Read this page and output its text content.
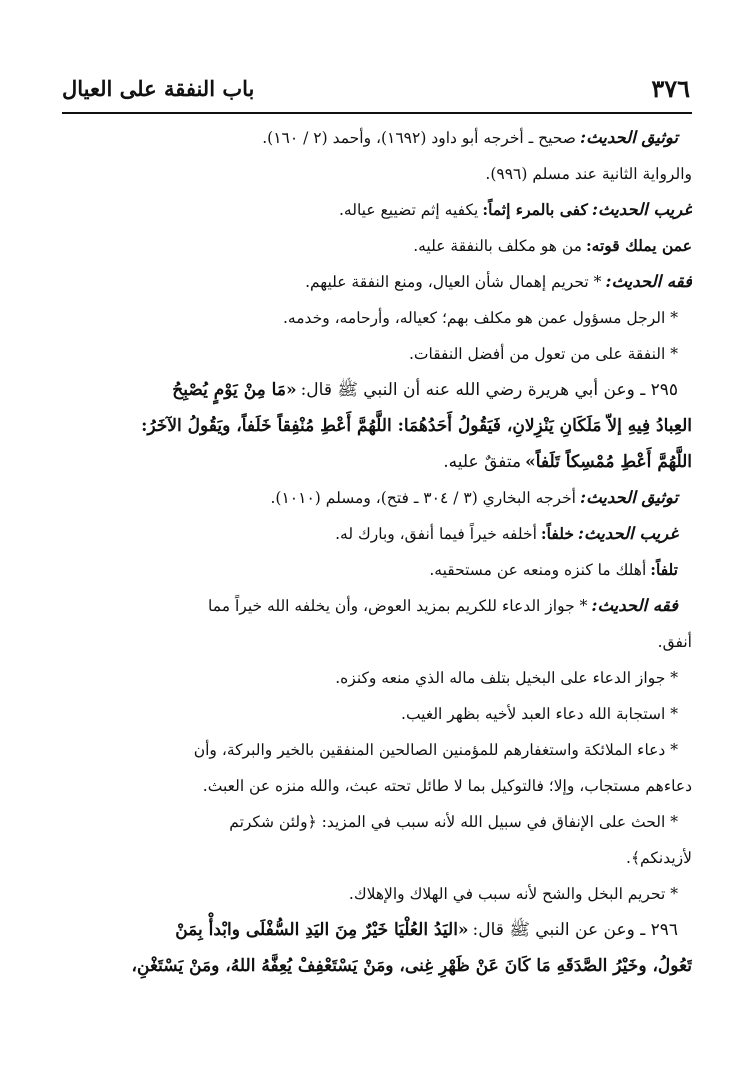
٣٧٦
باب النفقة على العيال
توثيق الحديث:صحيح ـ أخرجه أبو داود (١٦٩٢)، وأحمد (٢ / ١٦٠).
والرواية الثانية عند مسلم (٩٩٦).
غريب الحديث:كفى بالمرء إثماً:يكفيه إثم تضييع عياله.
عمن يملك قوته:من هو مكلف بالنفقة عليه.
فقه الحديث:* تحريم إهمال شأن العيال، ومنع النفقة عليهم.
* الرجل مسؤول عمن هو مكلف بهم؛ كعياله، وأرحامه، وخدمه.
* النفقة على من تعول من أفضل النفقات.
٢٩٥ ـ وعن أبي هريرة رضي الله عنه أن النبي ﷺ قال:«مَا مِنْ يَوْمٍ يُصْبِحُ
العِبادُ فِيهِ إلاّ مَلَكَانِ يَنْزِلانِ، فَيَقُولُ أَحَدُهُمَا: اللَّهُمَّ أَعْطِ مُنْفِقاً خَلَفاً، ويَقُولُ الآخَرُ:
اللَّهُمَّ أَعْطِ مُمْسِكاً تَلَفاً»متفقٌ عليه.
توثيق الحديث:أخرجه البخاري (٣ / ٣٠٤ ـ فتح)، ومسلم (١٠١٠).
غريب الحديث:خلفاً:أخلفه خيراً فيما أنفق، وبارك له.
تلفاً:أهلك ما كنزه ومنعه عن مستحقيه.
فقه الحديث:* جواز الدعاء للكريم بمزيد العوض، وأن يخلفه الله خيراً مما
أنفق.
* جواز الدعاء على البخيل بتلف ماله الذي منعه وكنزه.
* استجابة الله دعاء العبد لأخيه بظهر الغيب.
* دعاء الملائكة واستغفارهم للمؤمنين الصالحين المنفقين بالخير والبركة، وأن
دعاءهم مستجاب، وإلا؛ فالتوكيل بما لا طائل تحته عبث، والله منزه عن العبث.
* الحث على الإنفاق في سبيل الله لأنه سبب في المزيد: ﴿ولئن شكرتم
لأزيدنكم﴾.
* تحريم البخل والشح لأنه سبب في الهلاك والإهلاك.
٢٩٦ ـ وعن عن النبي ﷺ قال:«اليَدُ العُلْيَا خَيْرٌ مِنَ اليَدِ السُّفْلَى وابْدأْ بِمَنْ
تَعُولُ، وخَيْرُ الصَّدَقَهِ مَا كَانَ عَنْ ظَهْرِ غِنى، ومَنْ يَسْتَعْفِفْ يُعِفَّهُ اللهُ، ومَنْ يَسْتَغْنِ،
